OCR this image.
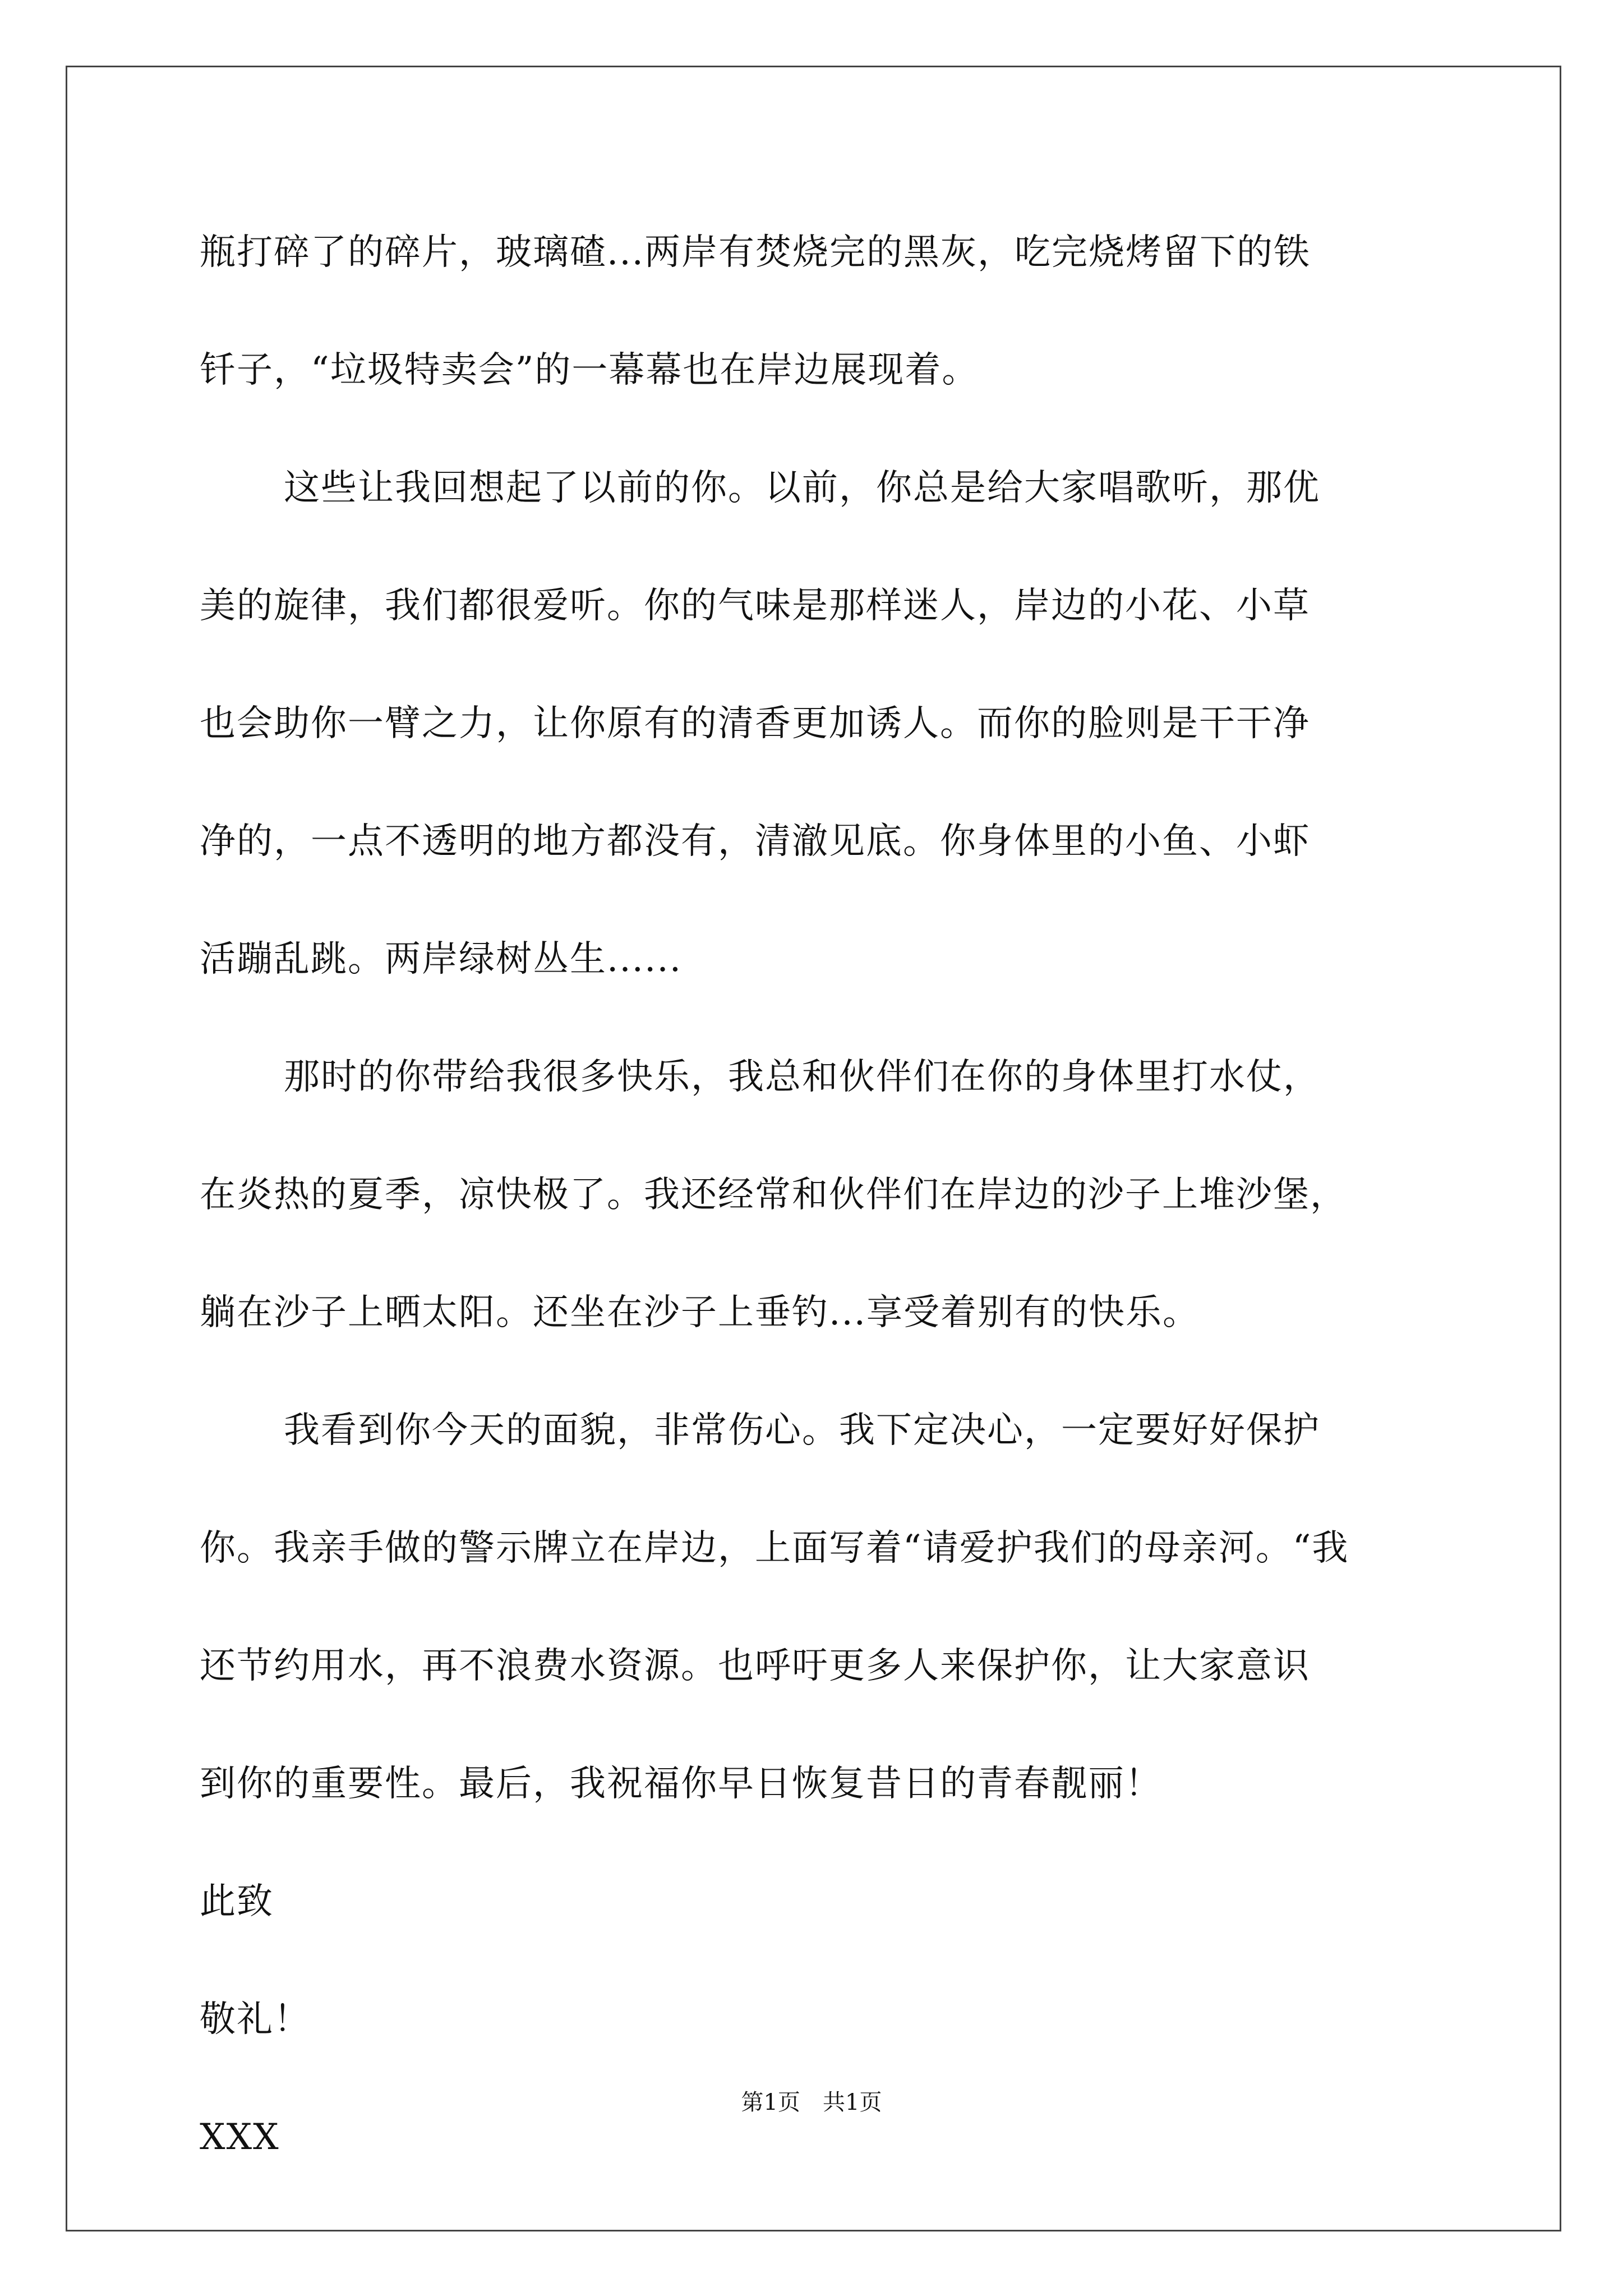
瓶打碎了的碎片，玻璃碴...两岸有焚烧完的黑灰，吃完烧烤留下的铁
钎子，“垃圾特卖会”的一幕幕也在岸边展现着。
这些让我回想起了以前的你。以前，你总是给大家唱歌听，那优
美的旋律，我们都很爱听。你的气味是那样迷人，岸边的小花、小草
也会助你一臂之力，让你原有的清香更加诱人。而你的脸则是干干净
净的，一点不透明的地方都没有，清澈见底。你身体里的小鱼、小虾
活蹦乱跳。两岸绿树丛生......
那时的你带给我很多快乐，我总和伙伴们在你的身体里打水仗，
在炎热的夏季，凉快极了。我还经常和伙伴们在岸边的沙子上堆沙堡，
躺在沙子上晒太阳。还坐在沙子上垂钓...享受着别有的快乐。
我看到你今天的面貌，非常伤心。我下定决心，一定要好好保护
你。我亲手做的警示牌立在岸边，上面写着“请爱护我们的母亲河。“我
还节约用水，再不浪费水资源。也呼吁更多人来保护你，让大家意识
到你的重要性。最后，我祝福你早日恢复昔日的青春靓丽！
此致
敬礼！
XXX
第1页　共1页
